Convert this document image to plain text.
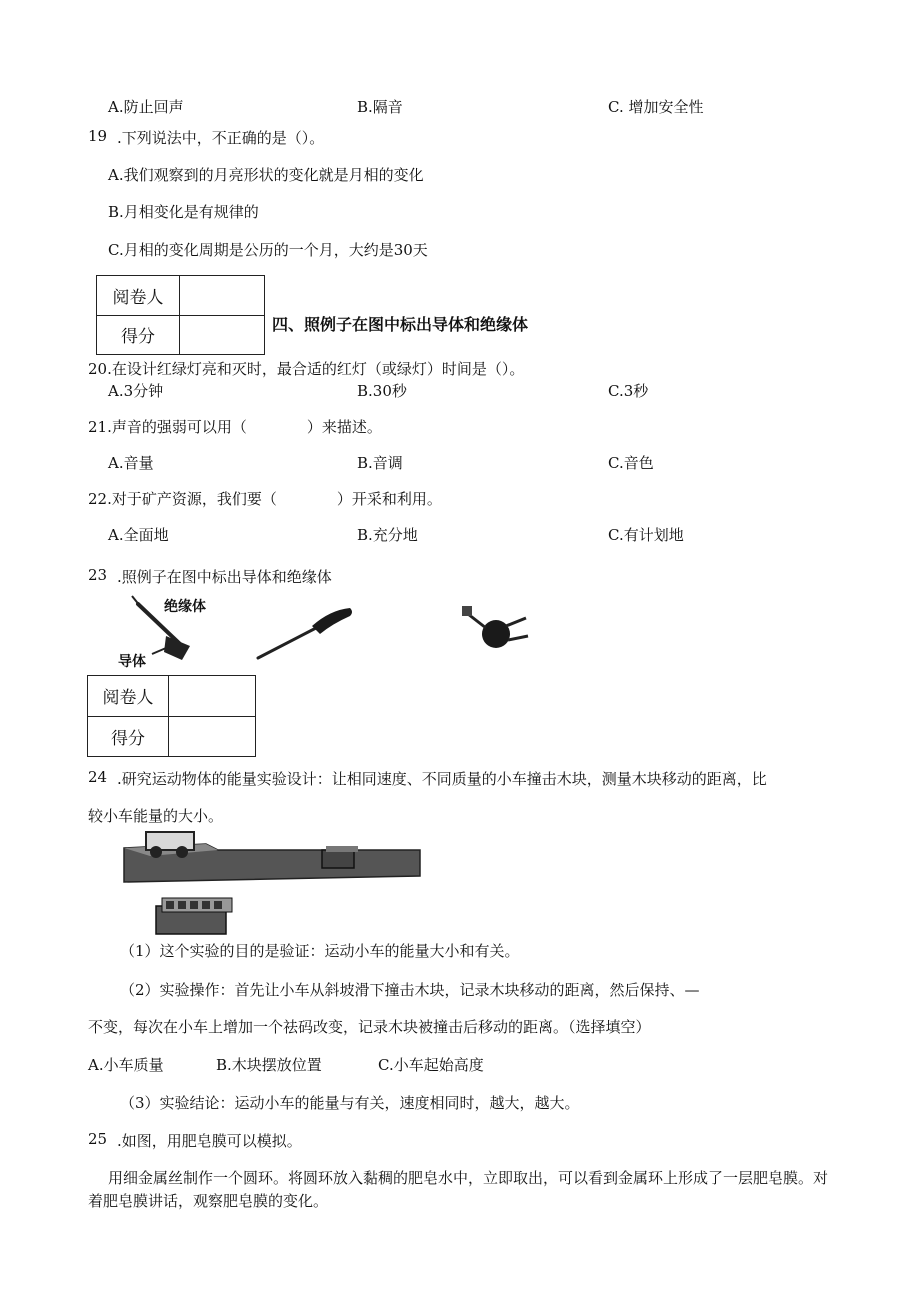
A.防止回声	B.隔音	C. 增加安全性
19 .下列说法中，不正确的是（）。
A.我们观察到的月亮形状的变化就是月相的变化
B.月相变化是有规律的
C.月相的变化周期是公历的一个月，大约是30天
阅卷人	
得分	
四、照例子在图中标出导体和绝缘体
20.在设计红绿灯亮和灭时，最合适的红灯（或绿灯）时间是（）。
A.3分钟	B.30秒	C.3秒
21.声音的强弱可以用（　　　　）来描述。
A.音量	B.音调	C.音色
22.对于矿产资源，我们要（　　　　）开采和利用。
A.全面地	B.充分地	C.有计划地
23 .照例子在图中标出导体和绝缘体
绝缘体
导体
阅卷人	
得分	
24 .研究运动物体的能量实验设计：让相同速度、不同质量的小车撞击木块，测量木块移动的距离，比
较小车能量的大小。
（1）这个实验的目的是验证：运动小车的能量大小和有关。
（2）实验操作：首先让小车从斜坡滑下撞击木块，记录木块移动的距离，然后保持、—
不变，每次在小车上增加一个祛码改变，记录木块被撞击后移动的距离。（选择填空）
A.小车质量	B.木块摆放位置	C.小车起始高度
（3）实验结论：运动小车的能量与有关，速度相同时，越大，越大。
25 .如图，用肥皂膜可以模拟。
用细金属丝制作一个圆环。将圆环放入黏稠的肥皂水中，立即取出，可以看到金属环上形成了一层肥皂膜。对
着肥皂膜讲话，观察肥皂膜的变化。
